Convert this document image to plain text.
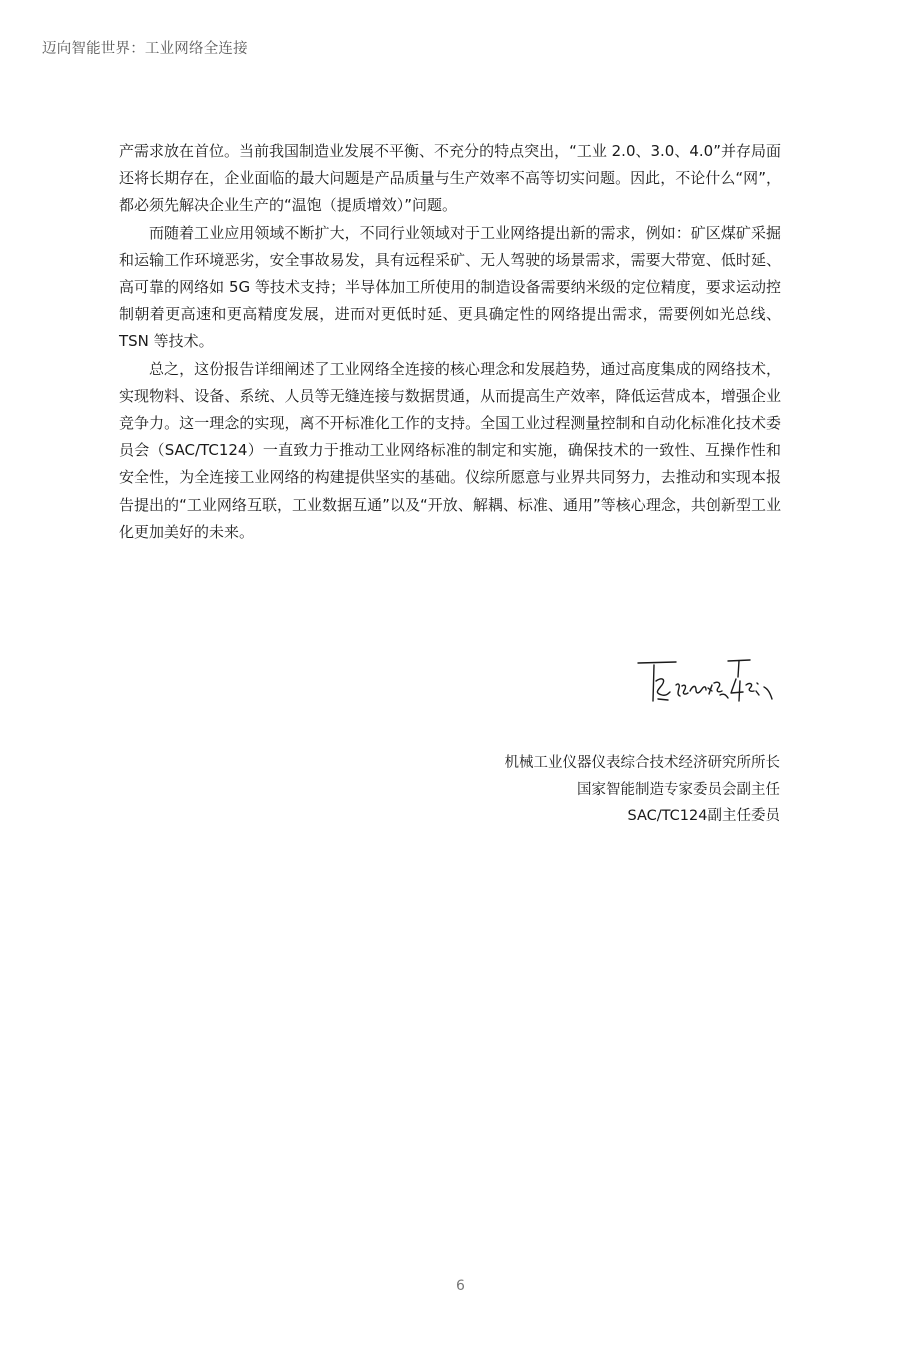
迈向智能世界：工业网络全连接

产需求放在首位。当前我国制造业发展不平衡、不充分的特点突出，“工业 2.0、3.0、4.0”并存局面还将长期存在，企业面临的最大问题是产品质量与生产效率不高等切实问题。因此，不论什么“网”，都必须先解决企业生产的“温饱（提质增效）”问题。

而随着工业应用领域不断扩大，不同行业领域对于工业网络提出新的需求，例如：矿区煤矿采掘和运输工作环境恶劣，安全事故易发，具有远程采矿、无人驾驶的场景需求，需要大带宽、低时延、高可靠的网络如 5G 等技术支持；半导体加工所使用的制造设备需要纳米级的定位精度，要求运动控制朝着更高速和更高精度发展，进而对更低时延、更具确定性的网络提出需求，需要例如光总线、TSN 等技术。

总之，这份报告详细阐述了工业网络全连接的核心理念和发展趋势，通过高度集成的网络技术，实现物料、设备、系统、人员等无缝连接与数据贯通，从而提高生产效率，降低运营成本，增强企业竞争力。这一理念的实现，离不开标准化工作的支持。全国工业过程测量控制和自动化标准化技术委员会（SAC/TC124）一直致力于推动工业网络标准的制定和实施，确保技术的一致性、互操作性和安全性，为全连接工业网络的构建提供坚实的基础。仪综所愿意与业界共同努力，去推动和实现本报告提出的“工业网络互联，工业数据互通”以及“开放、解耦、标准、通用”等核心理念，共创新型工业化更加美好的未来。

机械工业仪器仪表综合技术经济研究所所长
国家智能制造专家委员会副主任
SAC/TC124副主任委员
6
